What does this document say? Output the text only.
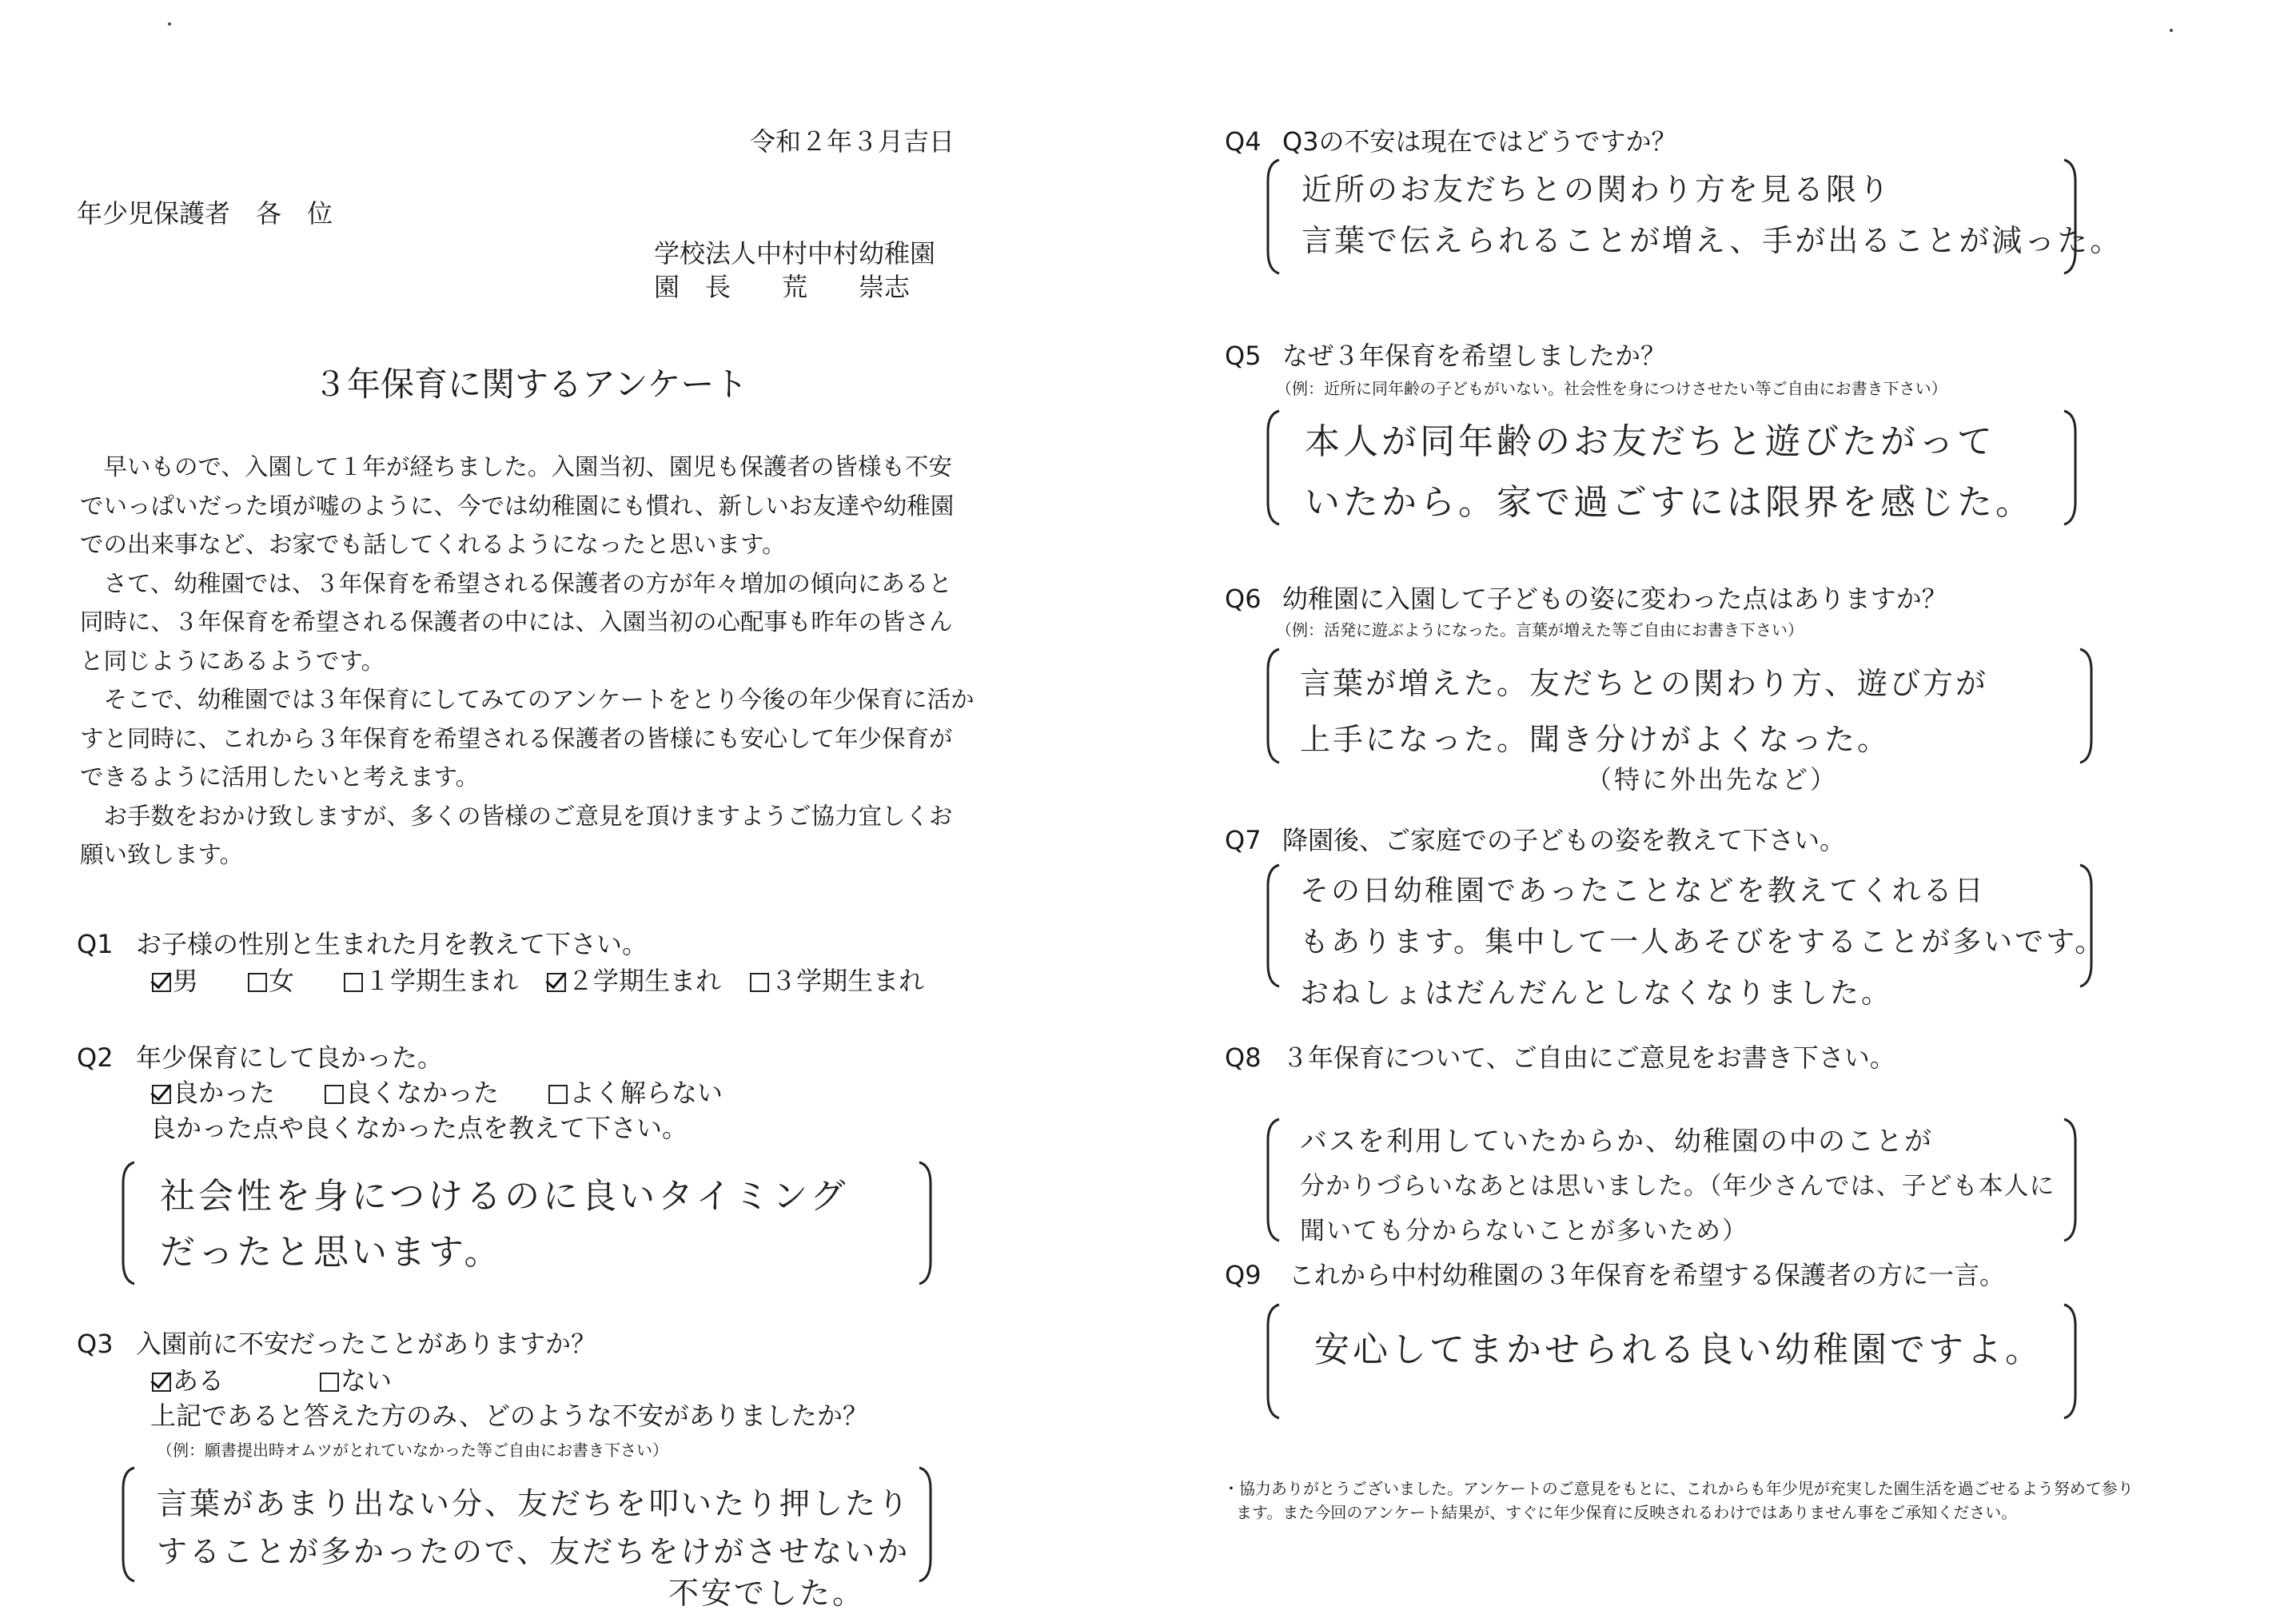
令和２年３月吉日
年少児保護者　各　位
学校法人中村中村幼稚園
園　長　　荒　　崇志
３年保育に関するアンケート

　早いもので、入園して１年が経ちました。入園当初、園児も保護者の皆様も不安でいっぱいだった頃が嘘のように、今では幼稚園にも慣れ、新しいお友達や幼稚園での出来事など、お家でも話してくれるようになったと思います。

　さて、幼稚園では、３年保育を希望される保護者の方が年々増加の傾向にあると同時に、３年保育を希望される保護者の中には、入園当初の心配事も昨年の皆さんと同じようにあるようです。

　そこで、幼稚園では３年保育にしてみてのアンケートをとり今後の年少保育に活かすと同時に、これから３年保育を希望される保護者の皆様にも安心して年少保育ができるように活用したいと考えます。

　お手数をおかけ致しますが、多くの皆様のご意見を頂けますようご協力宜しくお願い致します。

Q1 お子様の性別と生まれた月を教えて下さい。
男	女	１学期生まれ ２学期生まれ ３学期生まれ
Q2 年少保育にして良かった。
良かった	良くなかった	よく解らない
良かった点や良くなかった点を教えて下さい。
社会性を身につけるのに良いタイミング
だったと思います。
Q3 入園前に不安だったことがありますか？
ある	ない
上記であると答えた方のみ、どのような不安がありましたか？
（例：願書提出時オムツがとれていなかった等ご自由にお書き下さい）
言葉があまり出ない分、友だちを叩いたり押したり
することが多かったので、友だちをけがさせないか
不安でした。
Q4 Q3の不安は現在ではどうですか？
近所のお友だちとの関わり方を見る限り
言葉で伝えられることが増え、手が出ることが減った。
Q5 なぜ３年保育を希望しましたか？
（例：近所に同年齢の子どもがいない。社会性を身につけさせたい等ご自由にお書き下さい）
本人が同年齢のお友だちと遊びたがって
いたから。家で過ごすには限界を感じた。
Q6 幼稚園に入園して子どもの姿に変わった点はありますか？
（例：活発に遊ぶようになった。言葉が増えた等ご自由にお書き下さい）
言葉が増えた。友だちとの関わり方、遊び方が
上手になった。聞き分けがよくなった。
（特に外出先など）
Q7 降園後、ご家庭での子どもの姿を教えて下さい。
その日幼稚園であったことなどを教えてくれる日
もあります。集中して一人あそびをすることが多いです。
おねしょはだんだんとしなくなりました。
Q8 ３年保育について、ご自由にご意見をお書き下さい。
バスを利用していたからか、幼稚園の中のことが
分かりづらいなあとは思いました。（年少さんでは、子ども本人に
聞いても分からないことが多いため）
Q9 これから中村幼稚園の３年保育を希望する保護者の方に一言。
安心してまかせられる良い幼稚園ですよ。
・協力ありがとうございました。アンケートのご意見をもとに、これからも年少児が充実した園生活を過ごせるよう努めて参り
ます。また今回のアンケート結果が、すぐに年少保育に反映されるわけではありません事をご承知ください。
